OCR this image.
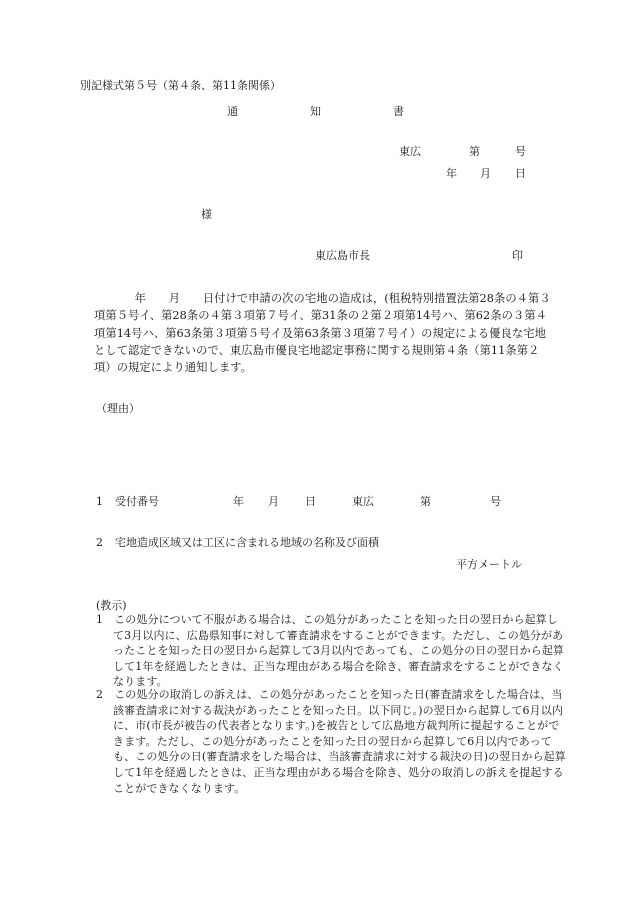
別記様式第５号（第４条、第11条関係）
通	知	書
東広	第	号
年 月 日
様
東広島市長	印
年　　月　　日付けで申請の次の宅地の造成は，(租税特別措置法第28条の４第３項第５号イ、第28条の４第３項第７号イ、第31条の２第２項第14号ハ、第62条の３第４項第14号ハ、第63条第３項第５号イ及第63条第３項第７号イ）の規定による優良な宅地として認定できないので、東広島市優良宅地認定事務に関する規則第４条（第11条第２項）の規定により通知します。
（理由）
1 受付番号	年 月 日	東広	第	号
2 宅地造成区域又は工区に含まれる地域の名称及び面積
平方メートル
(教示)
1　この処分について不服がある場合は、この処分があったことを知った日の翌日から起算して3月以内に、広島県知事に対して審査請求をすることができます。ただし、この処分があったことを知った日の翌日から起算して3月以内であっても、この処分の日の翌日から起算して1年を経過したときは、正当な理由がある場合を除き、審査請求をすることができなくなります。
2　この処分の取消しの訴えは、この処分があったことを知った日(審査請求をした場合は、当該審査請求に対する裁決があったことを知った日。以下同じ。)の翌日から起算して6月以内に、市(市長が被告の代表者となります。)を被告として広島地方裁判所に提起することができます。ただし、この処分があったことを知った日の翌日から起算して6月以内であっても、この処分の日(審査請求をした場合は、当該審査請求に対する裁決の日)の翌日から起算して1年を経過したときは、正当な理由がある場合を除き、処分の取消しの訴えを提起することができなくなります。
